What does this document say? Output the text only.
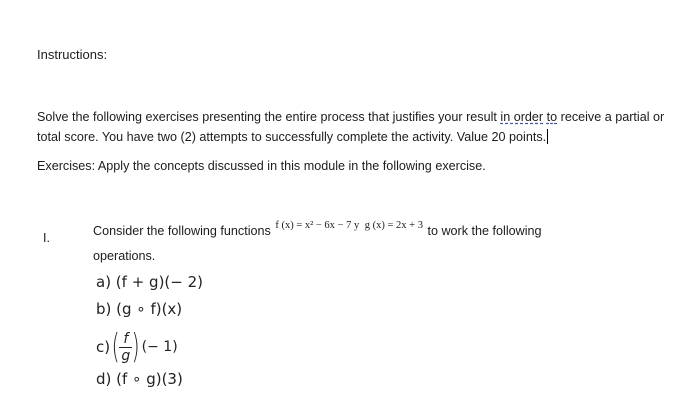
Instructions:
Solve the following exercises presenting the entire process that justifies your result in order to receive a partial or total score. You have two (2) attempts to successfully complete the activity. Value 20 points.
Exercises: Apply the concepts discussed in this module in the following exercise.
I.	Consider the following functions $^{f (x) = x^2 - 6x - 7 y}$ $^{g (x) = 2x + 3}$ to work the following
operations.
a) (f + g)(− 2)
b) (g ∘ f)(x)
c) ( $\frac{f}{g}$ ) (− 1)
d) (f ∘ g)(3)
